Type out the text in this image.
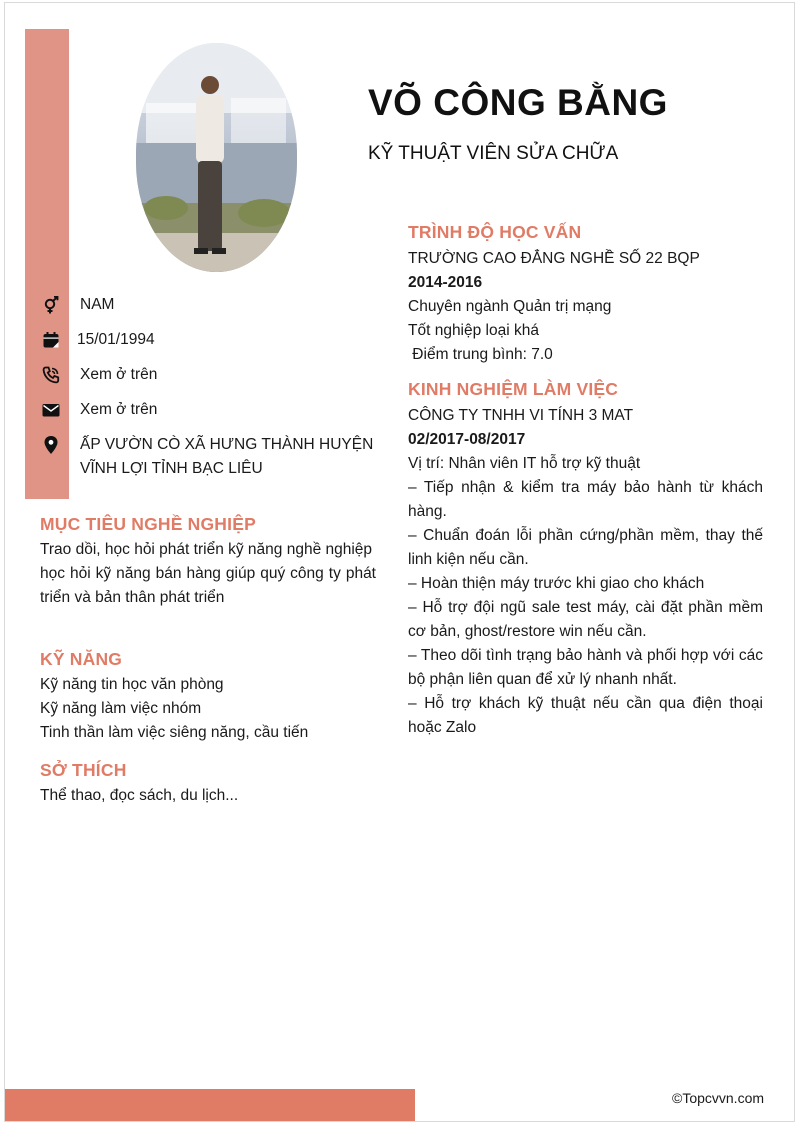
VÕ CÔNG BẰNG
KỸ THUẬT VIÊN SỬA CHỮA
NAM
15/01/1994
Xem ở trên
Xem ở trên
ẤP VƯỜN CÒ XÃ HƯNG THÀNH HUYỆN VĨNH LỢI TỈNH BẠC LIÊU
MỤC TIÊU NGHỀ NGHIỆP

Trao dồi, học hỏi phát triển kỹ năng nghề nghiệp

học hỏi kỹ năng bán hàng giúp quý công ty phát triển và bản thân phát triển

KỸ NĂNG

Kỹ năng tin học văn phòng

Kỹ năng làm việc nhóm

Tinh thần làm việc siêng năng, cầu tiến

SỞ THÍCH

Thể thao, đọc sách, du lịch...

TRÌNH ĐỘ HỌC VẤN

TRƯỜNG CAO ĐẲNG NGHỀ SỐ 22 BQP

2014-2016

Chuyên ngành Quản trị mạng

Tốt nghiệp loại khá

Điểm trung bình: 7.0

KINH NGHIỆM LÀM VIỆC

CÔNG TY TNHH VI TÍNH 3 MAT

02/2017-08/2017

Vị trí: Nhân viên IT hỗ trợ kỹ thuật

– Tiếp nhận & kiểm tra máy bảo hành từ khách hàng.

– Chuẩn đoán lỗi phần cứng/phần mềm, thay thế linh kiện nếu cần.

– Hoàn thiện máy trước khi giao cho khách

– Hỗ trợ đội ngũ sale test máy, cài đặt phần mềm cơ bản, ghost/restore win nếu cần.

– Theo dõi tình trạng bảo hành và phối hợp với các bộ phận liên quan để xử lý nhanh nhất.

– Hỗ trợ khách kỹ thuật nếu cần qua điện thoại hoặc Zalo

©Topcvvn.com
